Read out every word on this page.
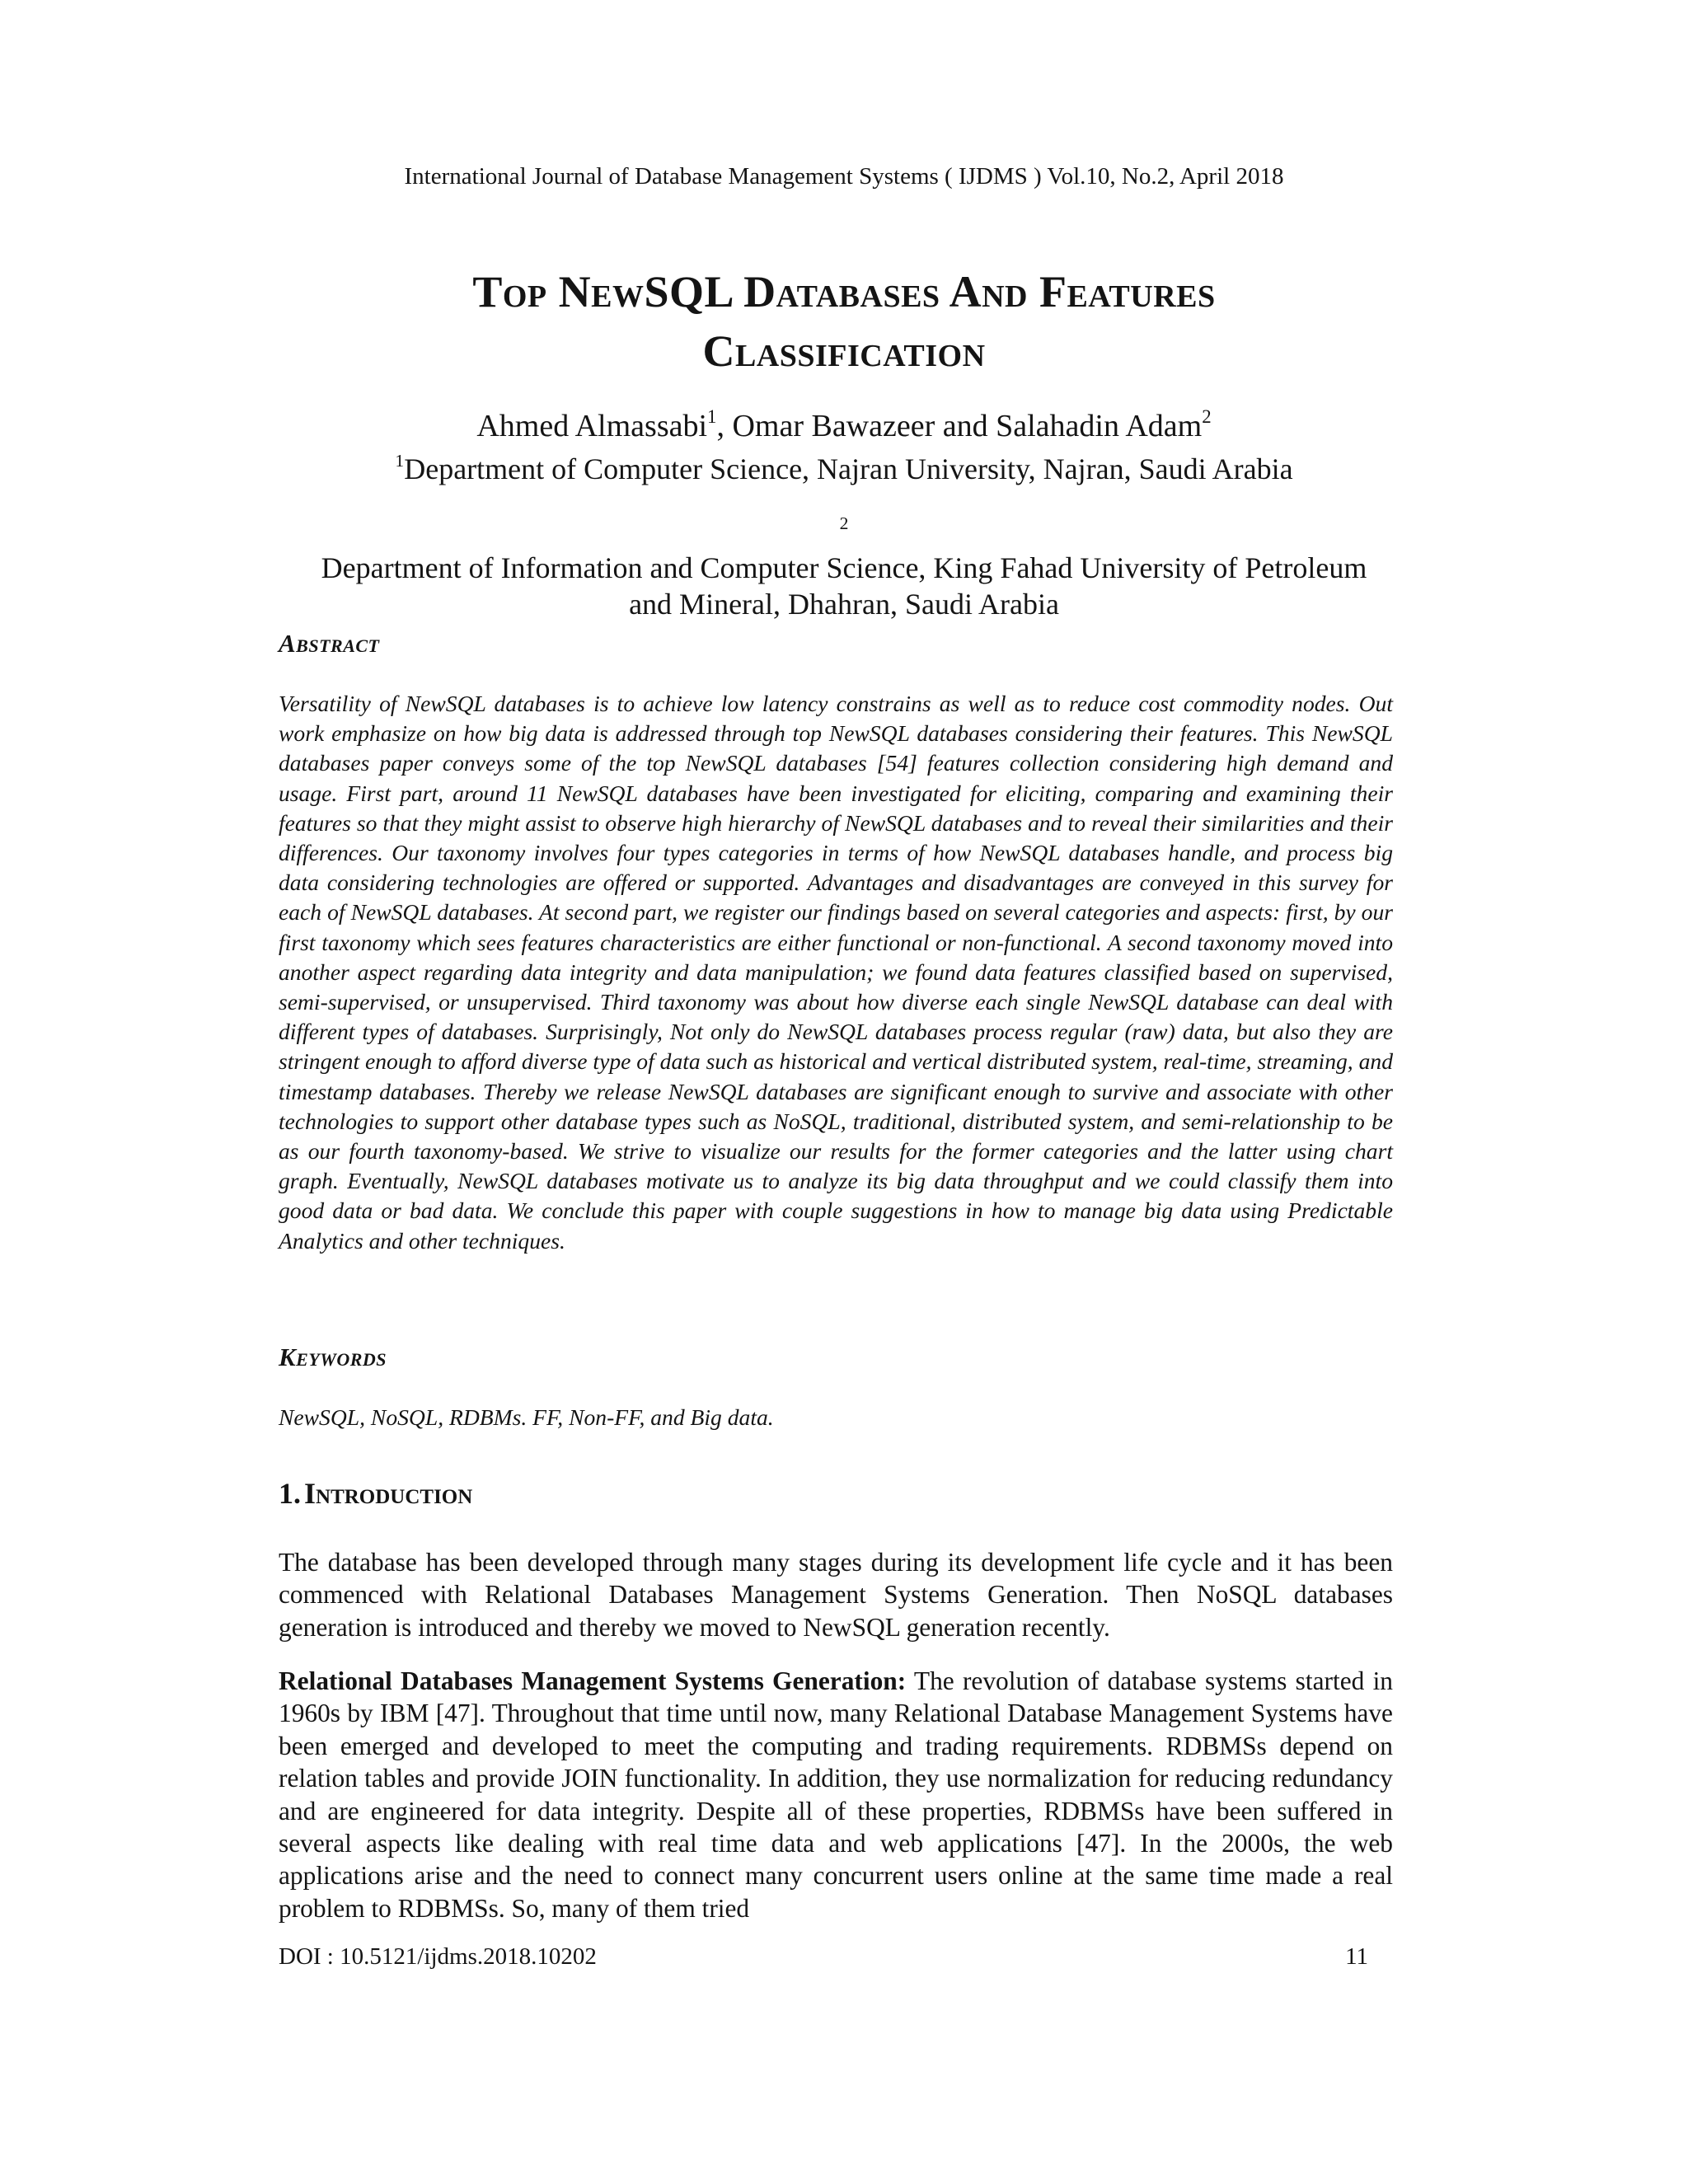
International Journal of Database Management Systems ( IJDMS ) Vol.10, No.2, April 2018
Top NewSQL Databases And Features
Classification
Ahmed Almassabi$^1$, Omar Bawazeer and Salahadin Adam$^2$
$^1$Department of Computer Science, Najran University, Najran, Saudi Arabia
$^2$
Department of Information and Computer Science, King Fahad University of Petroleum
and Mineral, Dhahran, Saudi Arabia
Abstract
Versatility of NewSQL databases is to achieve low latency constrains as well as to reduce cost commodity nodes. Out work emphasize on how big data is addressed through top NewSQL databases considering their features. This NewSQL databases paper conveys some of the top NewSQL databases [54] features collection considering high demand and usage. First part, around 11 NewSQL databases have been investigated for eliciting, comparing and examining their features so that they might assist to observe high hierarchy of NewSQL databases and to reveal their similarities and their differences. Our taxonomy involves four types categories in terms of how NewSQL databases handle, and process big data considering technologies are offered or supported. Advantages and disadvantages are conveyed in this survey for each of NewSQL databases. At second part, we register our findings based on several categories and aspects: first, by our first taxonomy which sees features characteristics are either functional or non-functional. A second taxonomy moved into another aspect regarding data integrity and data manipulation; we found data features classified based on supervised, semi-supervised, or unsupervised. Third taxonomy was about how diverse each single NewSQL database can deal with different types of databases. Surprisingly, Not only do NewSQL databases process regular (raw) data, but also they are stringent enough to afford diverse type of data such as historical and vertical distributed system, real-time, streaming, and timestamp databases. Thereby we release NewSQL databases are significant enough to survive and associate with other technologies to support other database types such as NoSQL, traditional, distributed system, and semi-relationship to be as our fourth taxonomy-based. We strive to visualize our results for the former categories and the latter using chart graph. Eventually, NewSQL databases motivate us to analyze its big data throughput and we could classify them into good data or bad data. We conclude this paper with couple suggestions in how to manage big data using Predictable Analytics and other techniques.
Keywords
NewSQL, NoSQL, RDBMs. FF, Non-FF, and Big data.
1. Introduction
The database has been developed through many stages during its development life cycle and it has been commenced with Relational Databases Management Systems Generation. Then NoSQL databases generation is introduced and thereby we moved to NewSQL generation recently.
Relational Databases Management Systems Generation: The revolution of database systems started in 1960s by IBM [47]. Throughout that time until now, many Relational Database Management Systems have been emerged and developed to meet the computing and trading requirements. RDBMSs depend on relation tables and provide JOIN functionality. In addition, they use normalization for reducing redundancy and are engineered for data integrity. Despite all of these properties, RDBMSs have been suffered in several aspects like dealing with real time data and web applications [47]. In the 2000s, the web applications arise and the need to connect many concurrent users online at the same time made a real problem to RDBMSs. So, many of them tried
DOI : 10.5121/ijdms.2018.10202	11
